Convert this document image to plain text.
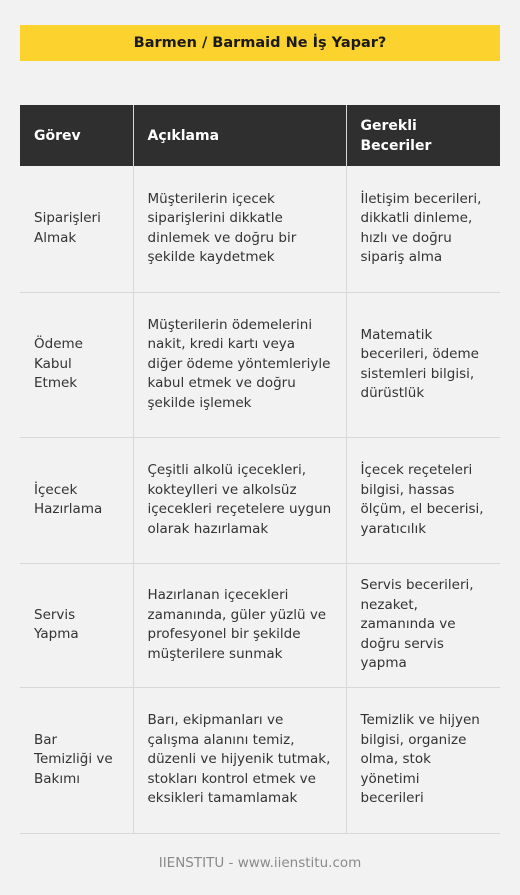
Barmen / Barmaid Ne İş Yapar?
Görev	Açıklama	Gerekli Beceriler
Siparişleri Almak	Müşterilerin içecek siparişlerini dikkatle dinlemek ve doğru bir şekilde kaydetmek	İletişim becerileri, dikkatli dinleme, hızlı ve doğru sipariş alma
Ödeme Kabul Etmek	Müşterilerin ödemelerini nakit, kredi kartı veya diğer ödeme yöntemleriyle kabul etmek ve doğru şekilde işlemek	Matematik becerileri, ödeme sistemleri bilgisi, dürüstlük
İçecek Hazırlama	Çeşitli alkolü içecekleri, kokteylleri ve alkolsüz içecekleri reçetelere uygun olarak hazırlamak	İçecek reçeteleri bilgisi, hassas ölçüm, el becerisi, yaratıcılık
Servis Yapma	Hazırlanan içecekleri zamanında, güler yüzlü ve profesyonel bir şekilde müşterilere sunmak	Servis becerileri, nezaket, zamanında ve doğru servis yapma
Bar Temizliği ve Bakımı	Barı, ekipmanları ve çalışma alanını temiz, düzenli ve hijyenik tutmak, stokları kontrol etmek ve eksikleri tamamlamak	Temizlik ve hijyen bilgisi, organize olma, stok yönetimi becerileri
IIENSTITU - www.iienstitu.com
